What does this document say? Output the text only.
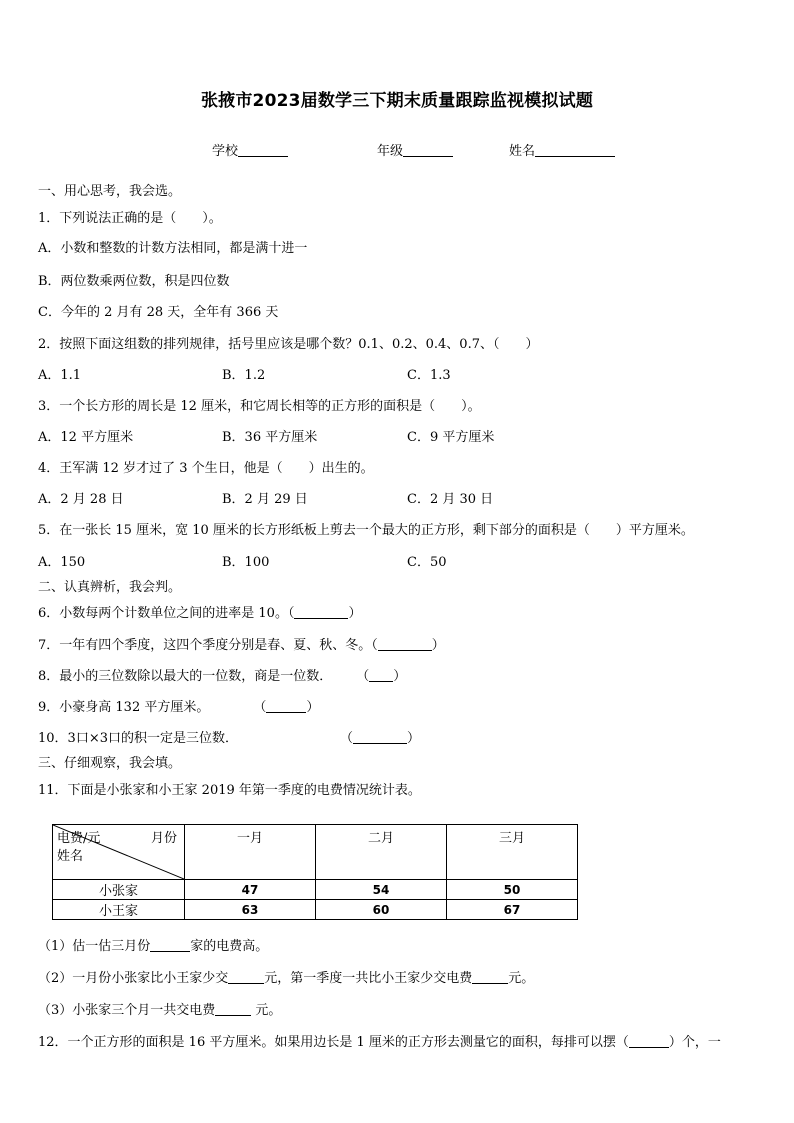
张掖市2023届数学三下期末质量跟踪监视模拟试题
学校	年级	姓名
一、用心思考，我会选。
1．下列说法正确的是（　　）。
A．小数和整数的计数方法相同，都是满十进一
B．两位数乘两位数，积是四位数
C．今年的 2 月有 28 天，全年有 366 天
2．按照下面这组数的排列规律，括号里应该是哪个数？0.1、0.2、0.4、0.7、（　　）
A．1.1	B．1.2	C．1.3
3．一个长方形的周长是 12 厘米，和它周长相等的正方形的面积是（　　）。
A．12 平方厘米	B．36 平方厘米	C．9 平方厘米
4．王军满 12 岁才过了 3 个生日，他是（　　）出生的。
A．2 月 28 日	B．2 月 29 日	C．2 月 30 日
5．在一张长 15 厘米，宽 10 厘米的长方形纸板上剪去一个最大的正方形，剩下部分的面积是（　　）平方厘米。
A．150	B．100	C．50
二、认真辨析，我会判。
6．小数每两个计数单位之间的进率是 10。（	）
7．一年有四个季度，这四个季度分别是春、夏、秋、冬。（	）
8．最小的三位数除以最大的一位数，商是一位数． （ ）
9．小豪身高 132 平方厘米。	（	）
10．3口×3口的积一定是三位数．	（	）
三、仔细观察，我会填。
11．下面是小张家和小王家 2019 年第一季度的电费情况统计表。
电费/元 月份
姓名	一月	二月	三月
小张家	47	54	50
小王家	63	60	67
（1）估一估三月份	家的电费高。
（2）一月份小张家比小王家少交	元，第一季度一共比小王家少交电费	元。
（3）小张家三个月一共交电费	元。
12．一个正方形的面积是 16 平方厘米。如果用边长是 1 厘米的正方形去测量它的面积，每排可以摆（	）个，一
